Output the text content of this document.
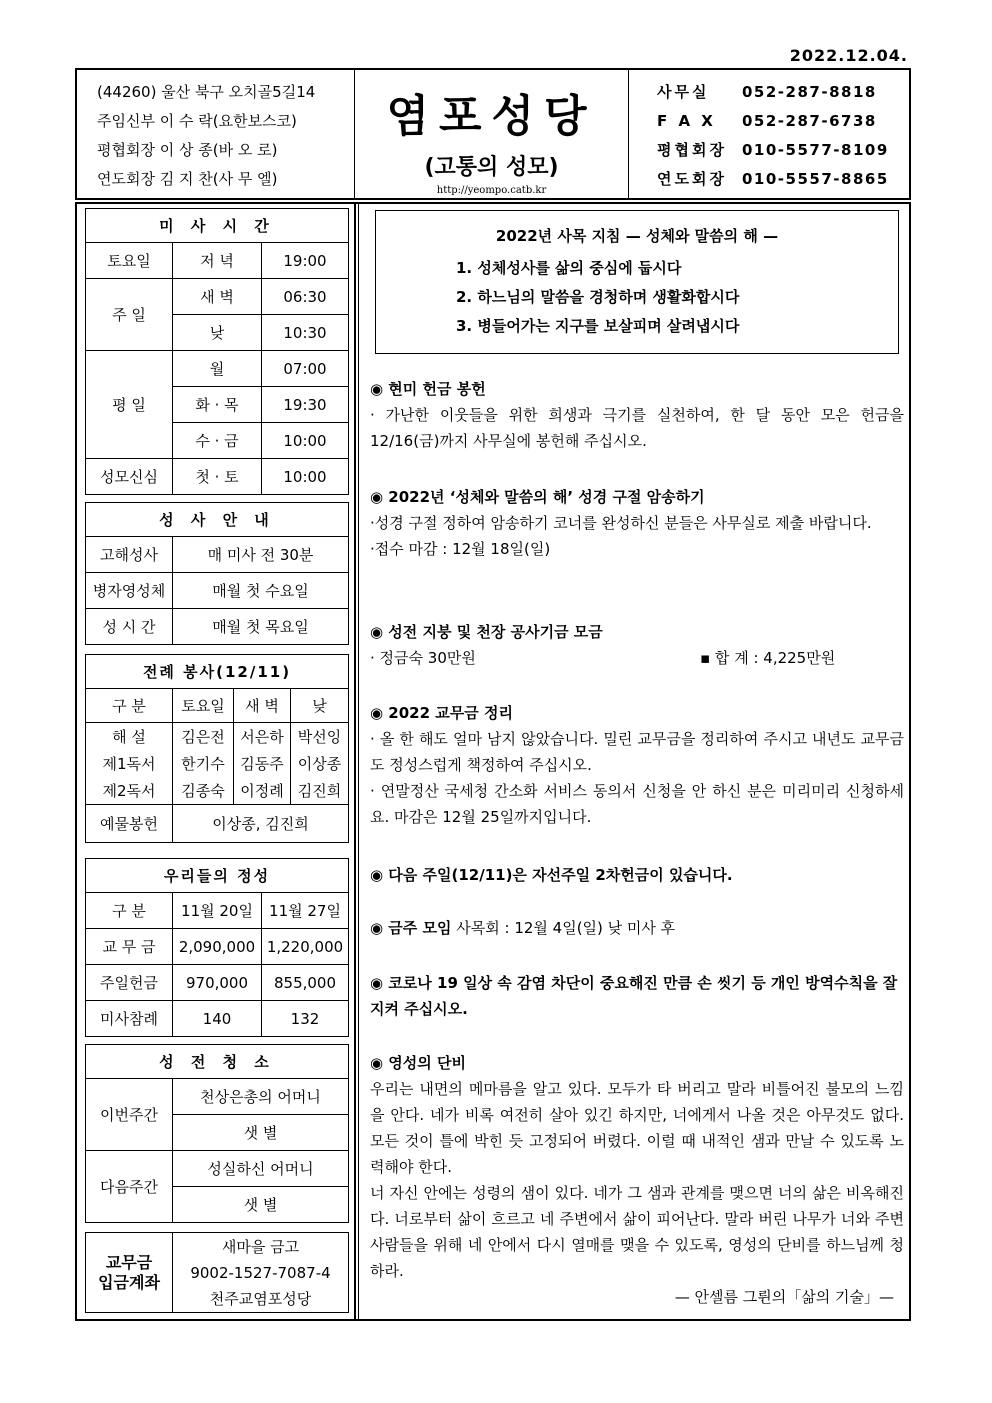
2022.12.04.
(44260) 울산 북구 오치골5길14
주임신부 이 수 락(요한보스코)
평협회장 이 상 종(바 오 로)
연도회장 김 지 찬(사 무 엘)
염포성당
(고통의 성모)
http://yeompo.catb.kr
사무실	052-287-8818
F A X	052-287-6738
평협회장	010-5577-8109
연도회장	010-5557-8865
미 사 시 간		
토요일	저 녁	19:00
주 일	새 벽	06:30
	낮	10:30
평 일	월	07:00
	화 · 목	19:30
	수 · 금	10:00
성모신심	첫 · 토	10:00
성 사 안 내	
고해성사	매 미사 전 30분
병자영성체	매월 첫 수요일
성 시 간	매월 첫 목요일
전례 봉사(12/11)			
구 분	토요일	새 벽	낮
해 설	김은전	서은하	박선잉
제1독서	한기수	김동주	이상종
제2독서	김종숙	이정례	김진희
예물봉헌	이상종, 김진희		
우리들의 정성		
구 분	11월 20일	11월 27일
교 무 금	2,090,000	1,220,000
주일헌금	970,000	855,000
미사참례	140	132
성 전 청 소	
이번주간	천상은총의 어머니
	샛 별
다음주간	성실하신 어머니
	샛 별
교무금
입금계좌

새마을 금고
9002-1527-7087-4
천주교염포성당
2022년 사목 지침 — 성체와 말씀의 해 —
1. 성체성사를 삶의 중심에 둡시다
2. 하느님의 말씀을 경청하며 생활화합시다
3. 병들어가는 지구를 보살피며 살려냅시다
◉ 현미 헌금 봉헌

· 가난한 이웃들을 위한 희생과 극기를 실천하여, 한 달 동안 모은 헌금을 12/16(금)까지 사무실에 봉헌해 주십시오.

◉ 2022년 ‘성체와 말씀의 해’ 성경 구절 암송하기

·성경 구절 정하여 암송하기 코너를 완성하신 분들은 사무실로 제출 바랍니다.

·접수 마감 : 12월 18일(일)

◉ 성전 지붕 및 천장 공사기금 모금
· 정금숙 30만원	▪ 합 계 : 4,225만원
◉ 2022 교무금 정리

· 올 한 해도 얼마 남지 않았습니다. 밀린 교무금을 정리하여 주시고 내년도 교무금도 정성스럽게 책정하여 주십시오.

· 연말정산 국세청 간소화 서비스 동의서 신청을 안 하신 분은 미리미리 신청하세요. 마감은 12월 25일까지입니다.

◉ 다음 주일(12/11)은 자선주일 2차헌금이 있습니다.
◉ 금주 모임 사목회 : 12월 4일(일) 낮 미사 후
◉ 코로나 19 일상 속 감염 차단이 중요해진 만큼 손 씻기 등 개인 방역수칙을 잘 지켜 주십시오.
◉ 영성의 단비

우리는 내면의 메마름을 알고 있다. 모두가 타 버리고 말라 비틀어진 불모의 느낌을 안다. 네가 비록 여전히 살아 있긴 하지만, 너에게서 나올 것은 아무것도 없다. 모든 것이 틀에 박힌 듯 고정되어 버렸다. 이럴 때 내적인 샘과 만날 수 있도록 노력해야 한다.

너 자신 안에는 성령의 샘이 있다. 네가 그 샘과 관계를 맺으면 너의 삶은 비옥해진다. 너로부터 삶이 흐르고 네 주변에서 삶이 피어난다. 말라 버린 나무가 너와 주변 사람들을 위해 네 안에서 다시 열매를 맺을 수 있도록, 영성의 단비를 하느님께 청하라.

— 안셀름 그륀의「삶의 기술」—
